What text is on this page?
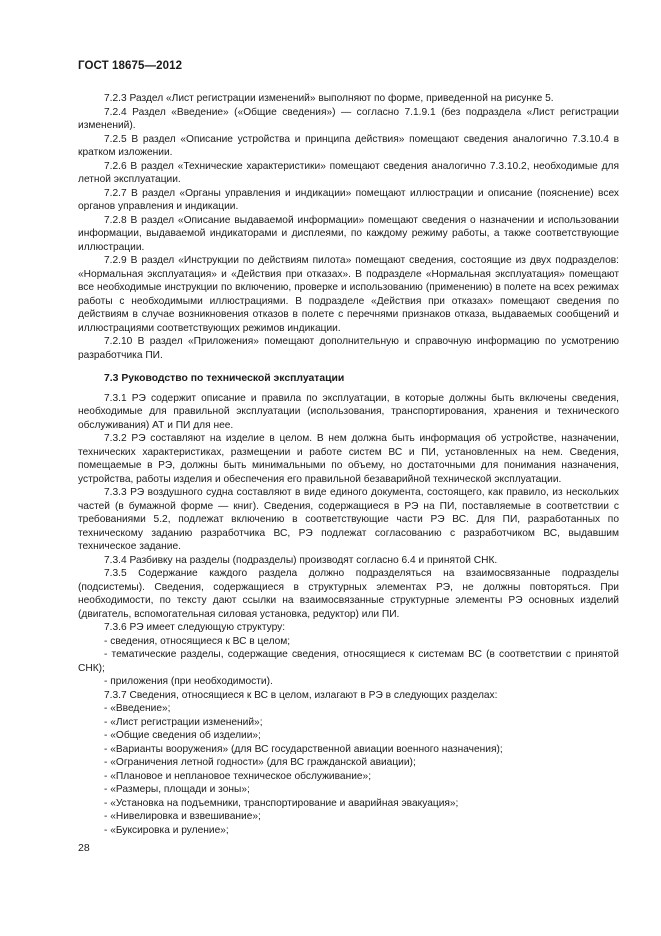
ГОСТ 18675—2012

7.2.3 Раздел «Лист регистрации изменений» выполняют по форме, приведенной на рисунке 5.

7.2.4 Раздел «Введение» («Общие сведения») — согласно 7.1.9.1 (без подраздела «Лист регистрации изменений).

7.2.5 В раздел «Описание устройства и принципа действия» помещают сведения аналогично 7.3.10.4 в кратком изложении.

7.2.6 В раздел «Технические характеристики» помещают сведения аналогично 7.3.10.2, необходимые для летной эксплуатации.

7.2.7 В раздел «Органы управления и индикации» помещают иллюстрации и описание (пояснение) всех органов управления и индикации.

7.2.8 В раздел «Описание выдаваемой информации» помещают сведения о назначении и использовании информации, выдаваемой индикаторами и дисплеями, по каждому режиму работы, а также соответствующие иллюстрации.

7.2.9 В раздел «Инструкции по действиям пилота» помещают сведения, состоящие из двух подразделов: «Нормальная эксплуатация» и «Действия при отказах». В подразделе «Нормальная эксплуатация» помещают все необходимые инструкции по включению, проверке и использованию (применению) в полете на всех режимах работы с необходимыми иллюстрациями. В подразделе «Действия при отказах» помещают сведения по действиям в случае возникновения отказов в полете с перечнями признаков отказа, выдаваемых сообщений и иллюстрациями соответствующих режимов индикации.

7.2.10 В раздел «Приложения» помещают дополнительную и справочную информацию по усмотрению разработчика ПИ.

7.3 Руководство по технической эксплуатации

7.3.1 РЭ содержит описание и правила по эксплуатации, в которые должны быть включены сведения, необходимые для правильной эксплуатации (использования, транспортирования, хранения и технического обслуживания) АТ и ПИ для нее.

7.3.2 РЭ составляют на изделие в целом. В нем должна быть информация об устройстве, назначении, технических характеристиках, размещении и работе систем ВС и ПИ, установленных на нем. Сведения, помещаемые в РЭ, должны быть минимальными по объему, но достаточными для понимания назначения, устройства, работы изделия и обеспечения его правильной безаварийной технической эксплуатации.

7.3.3 РЭ воздушного судна составляют в виде единого документа, состоящего, как правило, из нескольких частей (в бумажной форме — книг). Сведения, содержащиеся в РЭ на ПИ, поставляемые в соответствии с требованиями 5.2, подлежат включению в соответствующие части РЭ ВС. Для ПИ, разработанных по техническому заданию разработчика ВС, РЭ подлежат согласованию с разработчиком ВС, выдавшим техническое задание.

7.3.4 Разбивку на разделы (подразделы) производят согласно 6.4 и принятой СНК.

7.3.5 Содержание каждого раздела должно подразделяться на взаимосвязанные подразделы (подсистемы). Сведения, содержащиеся в структурных элементах РЭ, не должны повторяться. При необходимости, по тексту дают ссылки на взаимосвязанные структурные элементы РЭ основных изделий (двигатель, вспомогательная силовая установка, редуктор) или ПИ.

7.3.6 РЭ имеет следующую структуру:

- сведения, относящиеся к ВС в целом;

- тематические разделы, содержащие сведения, относящиеся к системам ВС (в соответствии с принятой СНК);

- приложения (при необходимости).

7.3.7 Сведения, относящиеся к ВС в целом, излагают в РЭ в следующих разделах:

- «Введение»;

- «Лист регистрации изменений»;

- «Общие сведения об изделии»;

- «Варианты вооружения» (для ВС государственной авиации военного назначения);

- «Ограничения летной годности» (для ВС гражданской авиации);

- «Плановое и неплановое техническое обслуживание»;

- «Размеры, площади и зоны»;

- «Установка на подъемники, транспортирование и аварийная эвакуация»;

- «Нивелировка и взвешивание»;

- «Буксировка и руление»;

28
